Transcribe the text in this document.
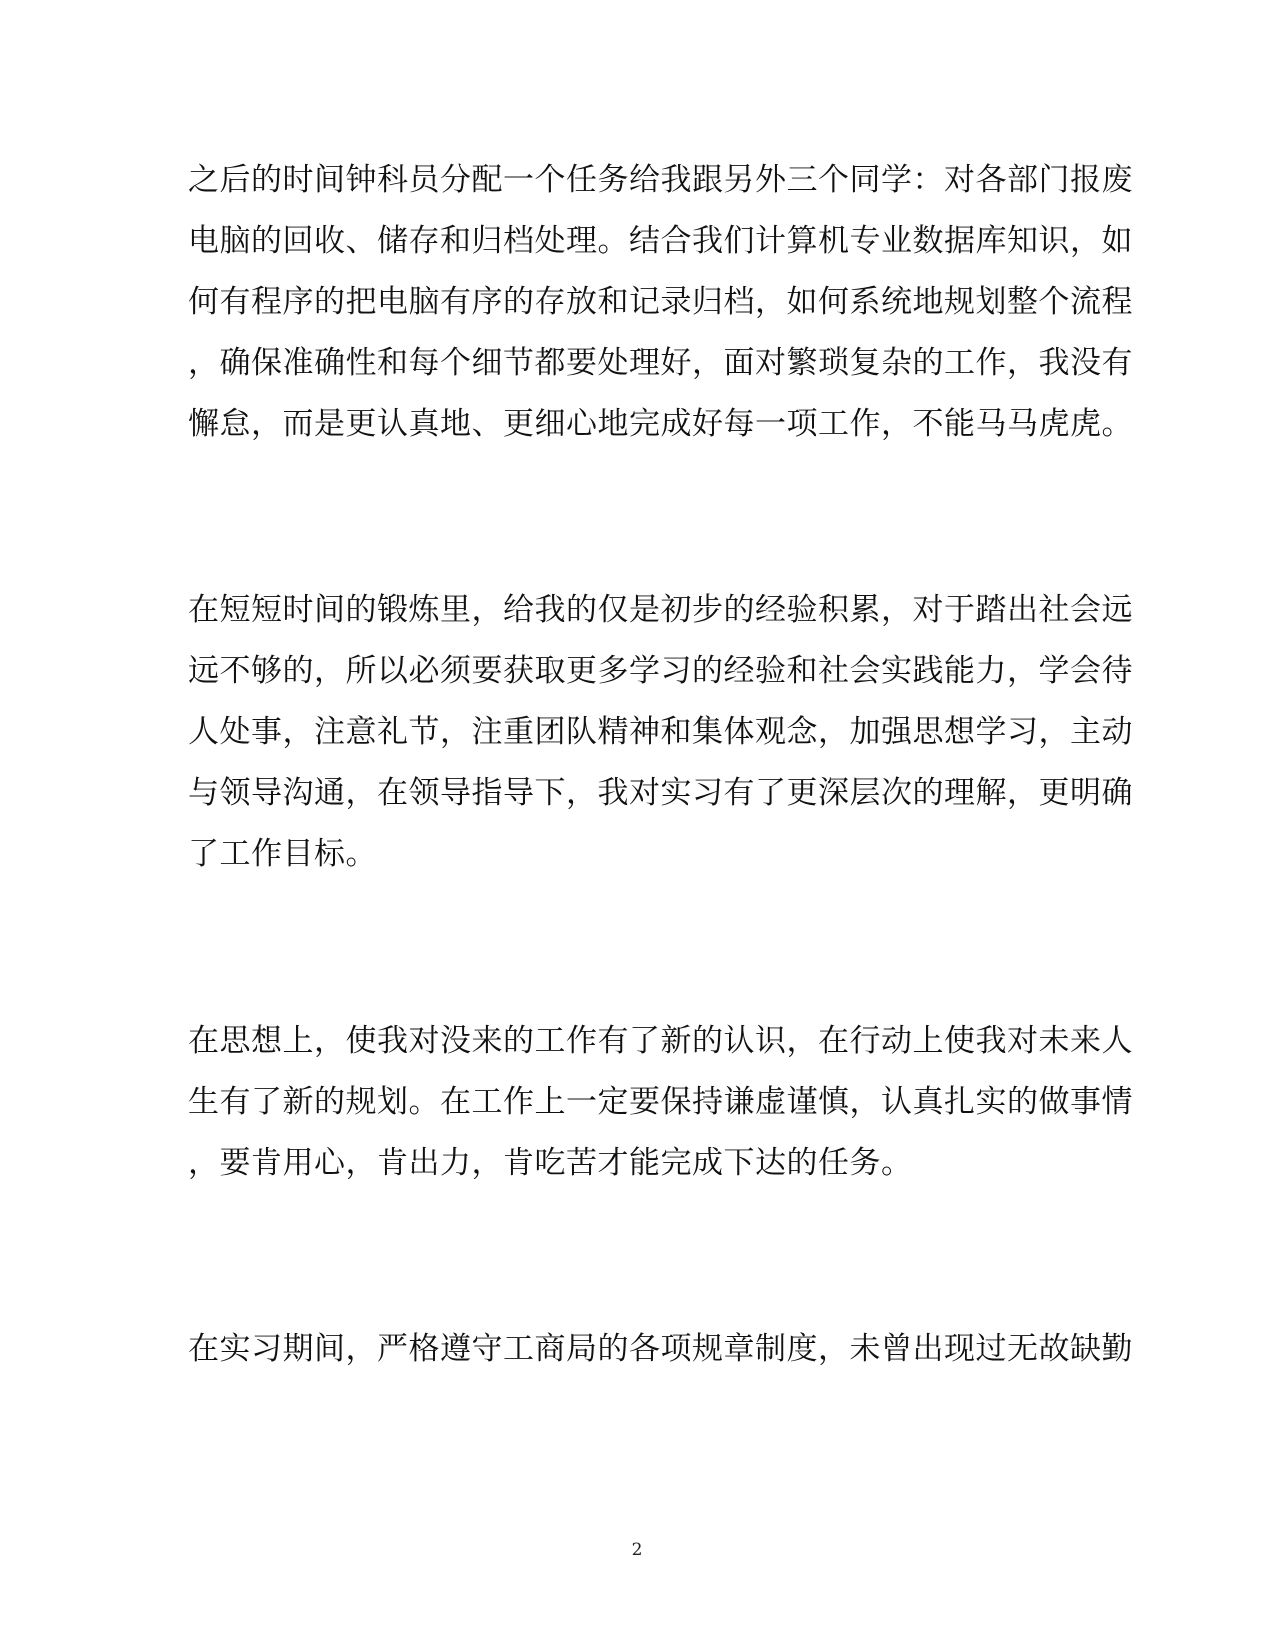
之后的时间钟科员分配一个任务给我跟另外三个同学：对各部门报废
电脑的回收、储存和归档处理。结合我们计算机专业数据库知识，如
何有程序的把电脑有序的存放和记录归档，如何系统地规划整个流程
，确保准确性和每个细节都要处理好，面对繁琐复杂的工作，我没有
懈怠，而是更认真地、更细心地完成好每一项工作，不能马马虎虎。
在短短时间的锻炼里，给我的仅是初步的经验积累，对于踏出社会远
远不够的，所以必须要获取更多学习的经验和社会实践能力，学会待
人处事，注意礼节，注重团队精神和集体观念，加强思想学习，主动
与领导沟通，在领导指导下，我对实习有了更深层次的理解，更明确
了工作目标。
在思想上，使我对没来的工作有了新的认识，在行动上使我对未来人
生有了新的规划。在工作上一定要保持谦虚谨慎，认真扎实的做事情
，要肯用心，肯出力，肯吃苦才能完成下达的任务。
在实习期间，严格遵守工商局的各项规章制度，未曾出现过无故缺勤
2
